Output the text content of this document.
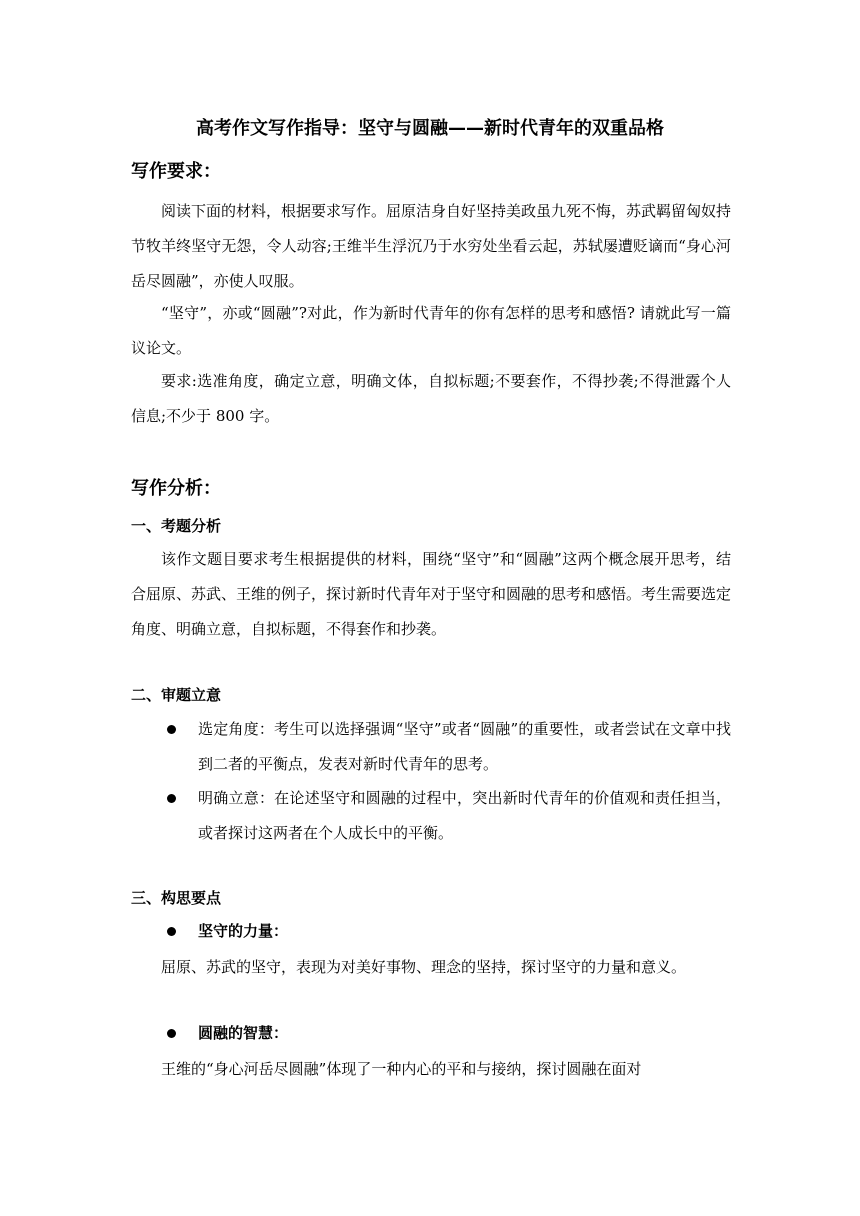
高考作文写作指导：坚守与圆融——新时代青年的双重品格
写作要求：
阅读下面的材料，根据要求写作。屈原洁身自好坚持美政虽九死不悔，苏武羁留匈奴持节牧羊终坚守无怨，令人动容;王维半生浮沉乃于水穷处坐看云起，苏轼屡遭贬谪而“身心河岳尽圆融”，亦使人叹服。
“坚守”，亦或“圆融”?对此，作为新时代青年的你有怎样的思考和感悟? 请就此写一篇议论文。
要求:选准角度，确定立意，明确文体，自拟标题;不要套作，不得抄袭;不得泄露个人信息;不少于 800 字。
写作分析：
一、考题分析
该作文题目要求考生根据提供的材料，围绕“坚守”和“圆融”这两个概念展开思考，结合屈原、苏武、王维的例子，探讨新时代青年对于坚守和圆融的思考和感悟。考生需要选定角度、明确立意，自拟标题，不得套作和抄袭。
二、审题立意
选定角度：考生可以选择强调“坚守”或者“圆融”的重要性，或者尝试在文章中找到二者的平衡点，发表对新时代青年的思考。
明确立意：在论述坚守和圆融的过程中，突出新时代青年的价值观和责任担当，或者探讨这两者在个人成长中的平衡。
三、构思要点
坚守的力量：
屈原、苏武的坚守，表现为对美好事物、理念的坚持，探讨坚守的力量和意义。
圆融的智慧：
王维的“身心河岳尽圆融”体现了一种内心的平和与接纳，探讨圆融在面对
